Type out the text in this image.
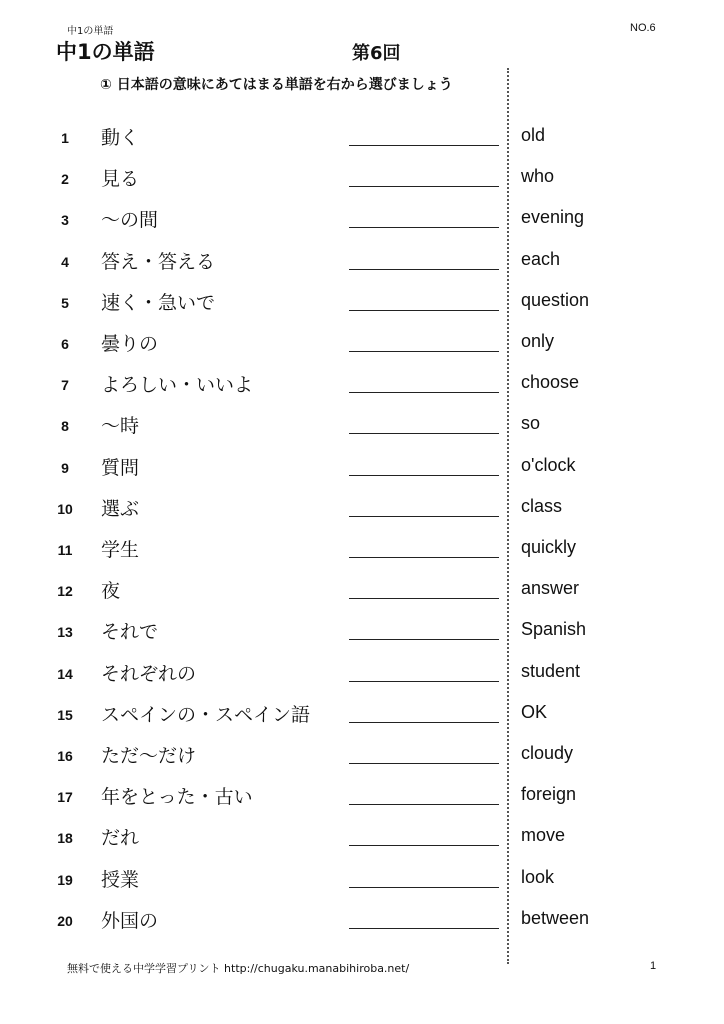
中1の単語	NO.6
中1の単語	第6回
① 日本語の意味にあてはまる単語を右から選びましょう
1	動く	old
2	見る	who
3	～の間	evening
4	答え・答える	each
5	速く・急いで	question
6	曇りの	only
7	よろしい・いいよ	choose
8	～時	so
9	質問	o'clock
10 選ぶ	class
11 学生	quickly
12 夜	answer
13 それで	Spanish
14 それぞれの	student
15 スペインの・スペイン語	OK
16 ただ～だけ	cloudy
17 年をとった・古い	foreign
18 だれ	move
19 授業	look
20 外国の	between
無料で使える中学学習プリント http://chugaku.manabihiroba.net/	1
